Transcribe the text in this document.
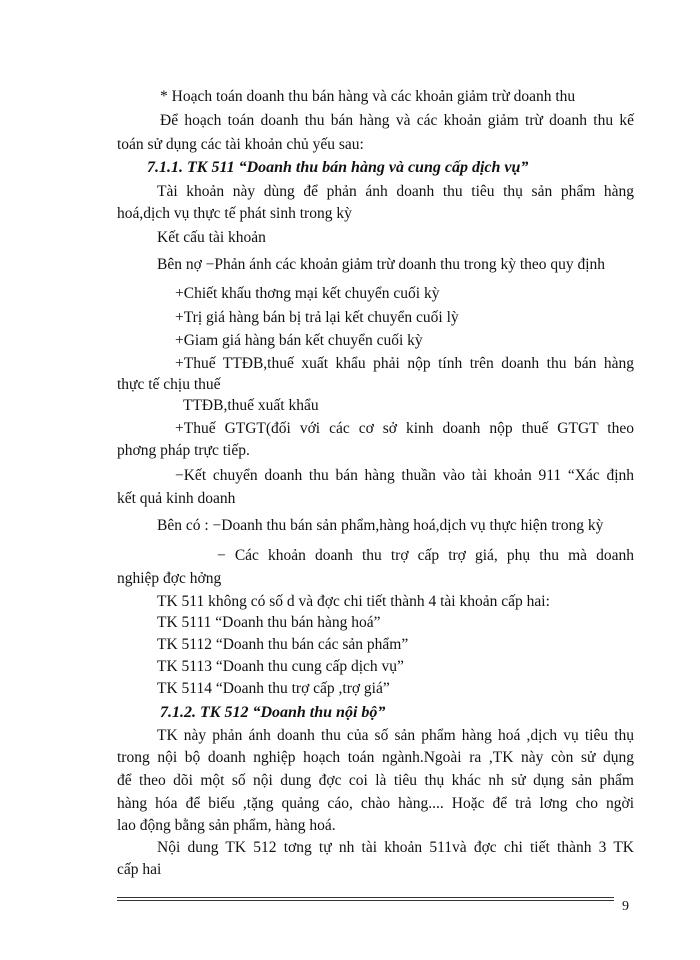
* Hoạch toán doanh thu bán hàng và các khoản giảm trừ doanh thu
Để hoạch toán doanh thu bán hàng và các khoản giảm trừ doanh thu kế
toán sử dụng các tài khoản chủ yếu sau:
7.1.1. TK 511 “Doanh thu bán hàng và cung cấp dịch vụ”
Tài khoản này dùng để phản ánh doanh thu tiêu thụ sản phẩm hàng
hoá,dịch vụ thực tế phát sinh trong kỳ
Kết cấu tài khoản
Bên nợ −Phản ánh các khoản giảm trừ doanh thu trong kỳ theo quy định
+Chiết khấu thơng mại kết chuyển cuối kỳ
+Trị giá hàng bán bị trả lại kết chuyển cuối lỳ
+Giam giá hàng bán kết chuyển cuối kỳ
+Thuế TTĐB,thuế xuất khẩu phải nộp tính trên doanh thu bán hàng
thực tế chịu thuế
TTĐB,thuế xuất khẩu
+Thuế GTGT(đối với các cơ sở kinh doanh nộp thuế GTGT theo
phơng pháp trực tiếp.
−Kết chuyển doanh thu bán hàng thuần vào tài khoản 911 “Xác định
kết quả kinh doanh
Bên có : −Doanh thu bán sản phẩm,hàng hoá,dịch vụ thực hiện trong kỳ
− Các khoản doanh thu trợ cấp trợ giá, phụ thu mà doanh
nghiệp đợc hởng
TK 511 không có số d và đợc chi tiết thành 4 tài khoản cấp hai:
TK 5111 “Doanh thu bán hàng hoá”
TK 5112 “Doanh thu bán các sản phẩm”
TK 5113 “Doanh thu cung cấp dịch vụ”
TK 5114 “Doanh thu trợ cấp ,trợ giá”
7.1.2. TK 512 “Doanh thu nội bộ”
TK này phản ánh doanh thu của số sản phẩm hàng hoá ,dịch vụ tiêu thụ
trong nội bộ doanh nghiệp hoạch toán ngành.Ngoài ra ,TK này còn sử dụng
để theo dõi một số nội dung đợc coi là tiêu thụ khác nh sử dụng sản phẩm
hàng hóa để biếu ,tặng quảng cáo, chào hàng.... Hoặc để trả lơng cho ngời
lao động bằng sản phẩm, hàng hoá.
Nội dung TK 512 tơng tự nh tài khoản 511và đợc chi tiết thành 3 TK
cấp hai
9
